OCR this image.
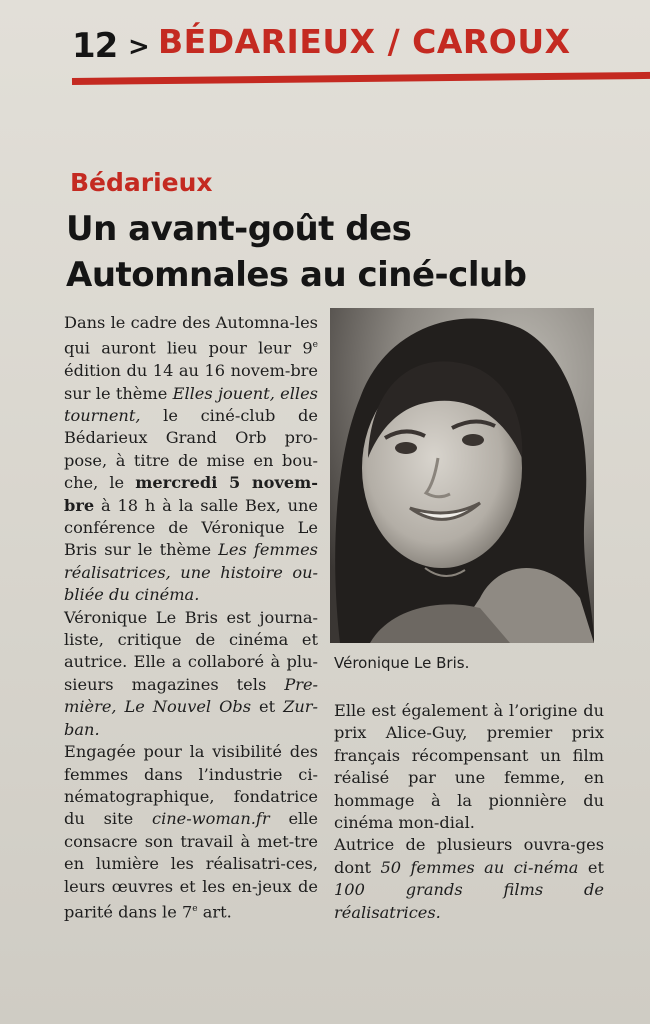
12 > BÉDARIEUX / CAROUX
Bédarieux
Un avant-goût des Automnales au ciné-club

Dans le cadre des Automna-les qui auront lieu pour leur 9e édition du 14 au 16 novem-bre sur le thème Elles jouent, elles tournent, le ciné-club de Bédarieux Grand Orb pro-pose, à titre de mise en bou-che, le mercredi 5 novem-bre à 18 h à la salle Bex, une conférence de Véronique Le Bris sur le thème Les femmes réalisatrices, une histoire ou-bliée du cinéma.

Véronique Le Bris est journa-liste, critique de cinéma et autrice. Elle a collaboré à plu-sieurs magazines tels Pre-mière, Le Nouvel Obs et Zur-ban.

Engagée pour la visibilité des femmes dans l’industrie ci-nématographique, fondatrice du site cine-woman.fr elle consacre son travail à met-tre en lumière les réalisatri-ces, leurs œuvres et les en-jeux de parité dans le 7e art.

Véronique Le Bris.

Elle est également à l’origine du prix Alice-Guy, premier prix français récompensant un film réalisé par une femme, en hommage à la pionnière du cinéma mon-dial.

Autrice de plusieurs ouvra-ges dont 50 femmes au ci-néma et 100 grands films de réalisatrices.
